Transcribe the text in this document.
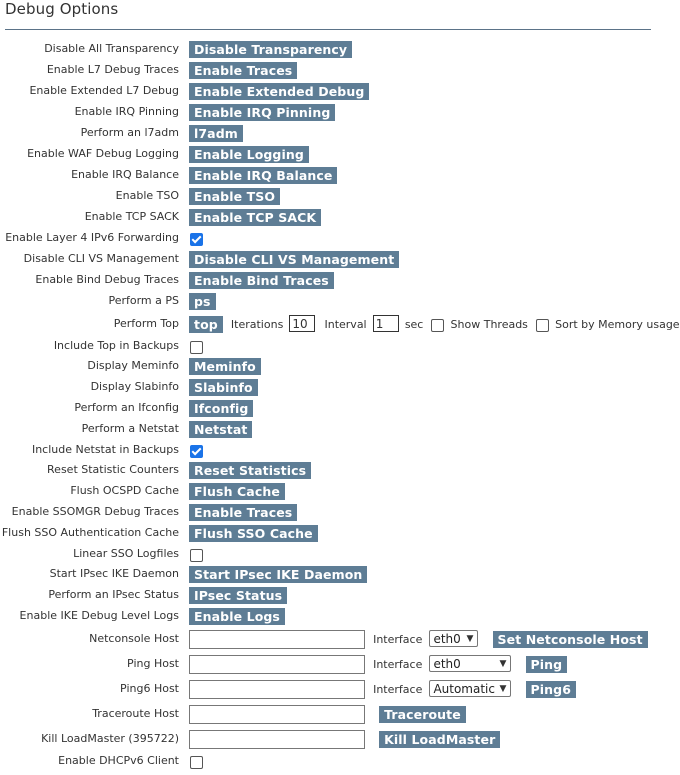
Debug Options
Disable All Transparency	Disable Transparency
Enable L7 Debug Traces	Enable Traces
Enable Extended L7 Debug	Enable Extended Debug
Enable IRQ Pinning	Enable IRQ Pinning
Perform an l7adm	l7adm
Enable WAF Debug Logging	Enable Logging
Enable IRQ Balance	Enable IRQ Balance
Enable TSO	Enable TSO
Enable TCP SACK	Enable TCP SACK
Enable Layer 4 IPv6 Forwarding
Disable CLI VS Management	Disable CLI VS Management
Enable Bind Debug Traces	Enable Bind Traces
Perform a PS	ps
Perform Top	top Iterations 10 Interval 1 sec Show Threads Sort by Memory usage
Include Top in Backups
Display Meminfo	Meminfo
Display Slabinfo	Slabinfo
Perform an Ifconfig	Ifconfig
Perform a Netstat	Netstat
Include Netstat in Backups
Reset Statistic Counters	Reset Statistics
Flush OCSPD Cache	Flush Cache
Enable SSOMGR Debug Traces	Enable Traces
Flush SSO Authentication Cache	Flush SSO Cache
Linear SSO Logfiles
Start IPsec IKE Daemon	Start IPsec IKE Daemon
Perform an IPsec Status	IPsec Status
Enable IKE Debug Level Logs	Enable Logs
Netconsole Host	Interface eth0 ▼ Set Netconsole Host
Ping Host	Interface eth0	▼ Ping
Ping6 Host	Interface Automatic ▼ Ping6
Traceroute Host	Traceroute
Kill LoadMaster (395722)	Kill LoadMaster
Enable DHCPv6 Client
